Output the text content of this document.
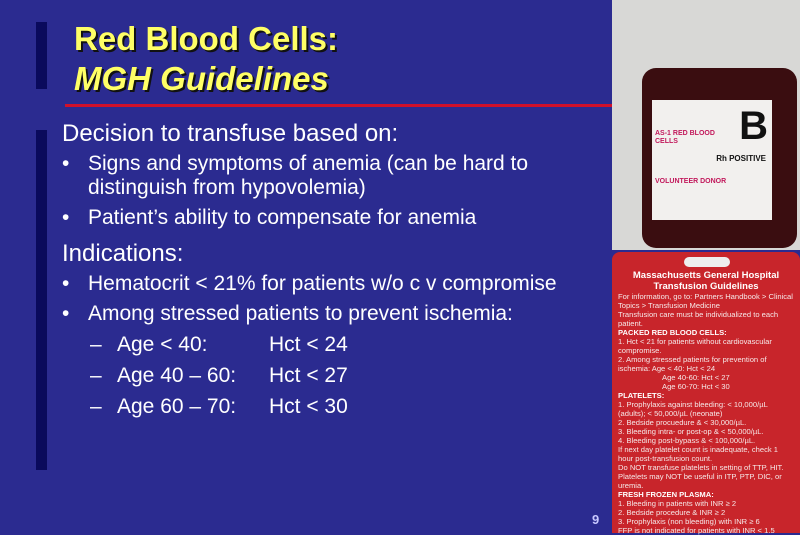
Red Blood Cells:
MGH Guidelines
Decision to transfuse based on:
• Signs and symptoms of anemia (can be hard to distinguish from hypovolemia)
• Patient’s ability to compensate for anemia
Indications:
• Hematocrit < 21% for patients w/o c v compromise
• Among stressed patients to prevent ischemia:
– Age < 40:	Hct < 24
– Age 40 – 60:	Hct < 27
– Age 60 – 70:	Hct < 30
AS-1 RED BLOOD CELLS
VOLUNTEER DONOR
B
Rh POSITIVE
Massachusetts General Hospital Transfusion Guidelines
For information, go to: Partners Handbook > Clinical Topics > Transfusion Medicine
Transfusion care must be individualized to each patient.
PACKED RED BLOOD CELLS:
1. Hct < 21 for patients without cardiovascular compromise.
2. Among stressed patients for prevention of ischemia: Age < 40: Hct < 24
Age 40-60: Hct < 27
Age 60-70: Hct < 30
PLATELETS:
1. Prophylaxis against bleeding: < 10,000/µL (adults); < 50,000/µL (neonate)
2. Bedside procuedure & < 30,000/µL.
3. Bleeding intra- or post-op & < 50,000/µL.
4. Bleeding post-bypass & < 100,000/µL.
If next day platelet count is inadequate, check 1 hour post-transfusion count.
Do NOT transfuse platelets in setting of TTP, HIT.
Platelets may NOT be useful in ITP, PTP, DIC, or uremia.
FRESH FROZEN PLASMA:
1. Bleeding in patients with INR ≥ 2
2. Bedside procedure & INR ≥ 2
3. Prophylaxis (non bleeding) with INR ≥ 6
FFP is not indicated for patients with INR < 1.5
9
